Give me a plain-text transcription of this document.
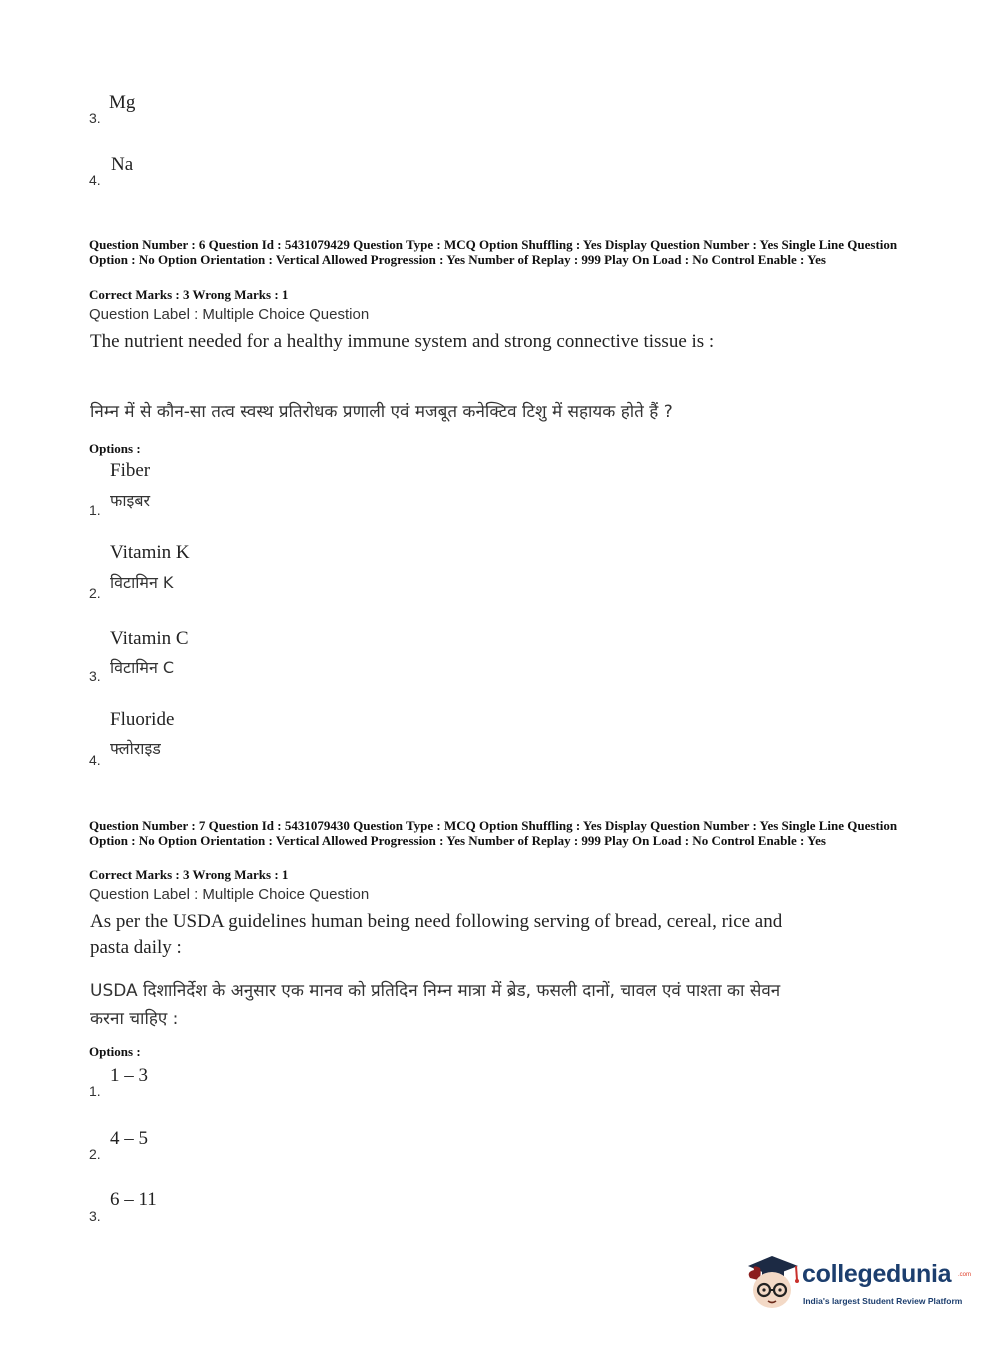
3.
Mg
4.
Na
Question Number : 6 Question Id : 5431079429 Question Type : MCQ Option Shuffling : Yes Display Question Number : Yes Single Line Question Option : No Option Orientation : Vertical Allowed Progression : Yes Number of Replay : 999 Play On Load : No Control Enable : Yes
Correct Marks : 3 Wrong Marks : 1
Question Label : Multiple Choice Question
The nutrient needed for a healthy immune system and strong connective tissue is :
निम्न में से कौन-सा तत्व स्वस्थ प्रतिरोधक प्रणाली एवं मजबूत कनेक्टिव टिशु में सहायक होते हैं ?
Options :
Fiber
फाइबर
1.
Vitamin K
विटामिन K
2.
Vitamin C
विटामिन C
3.
Fluoride
फ्लोराइड
4.
Question Number : 7 Question Id : 5431079430 Question Type : MCQ Option Shuffling : Yes Display Question Number : Yes Single Line Question Option : No Option Orientation : Vertical Allowed Progression : Yes Number of Replay : 999 Play On Load : No Control Enable : Yes
Correct Marks : 3 Wrong Marks : 1
Question Label : Multiple Choice Question
As per the USDA guidelines human being need following serving of bread, cereal, rice and pasta daily :
USDA दिशानिर्देश के अनुसार एक मानव को प्रतिदिन निम्न मात्रा में ब्रेड, फसली दानों, चावल एवं पाश्ता का सेवन करना चाहिए :
Options :
1 – 3
1.
4 – 5
2.
6 – 11
3.
collegedunia .com
India's largest Student Review Platform
